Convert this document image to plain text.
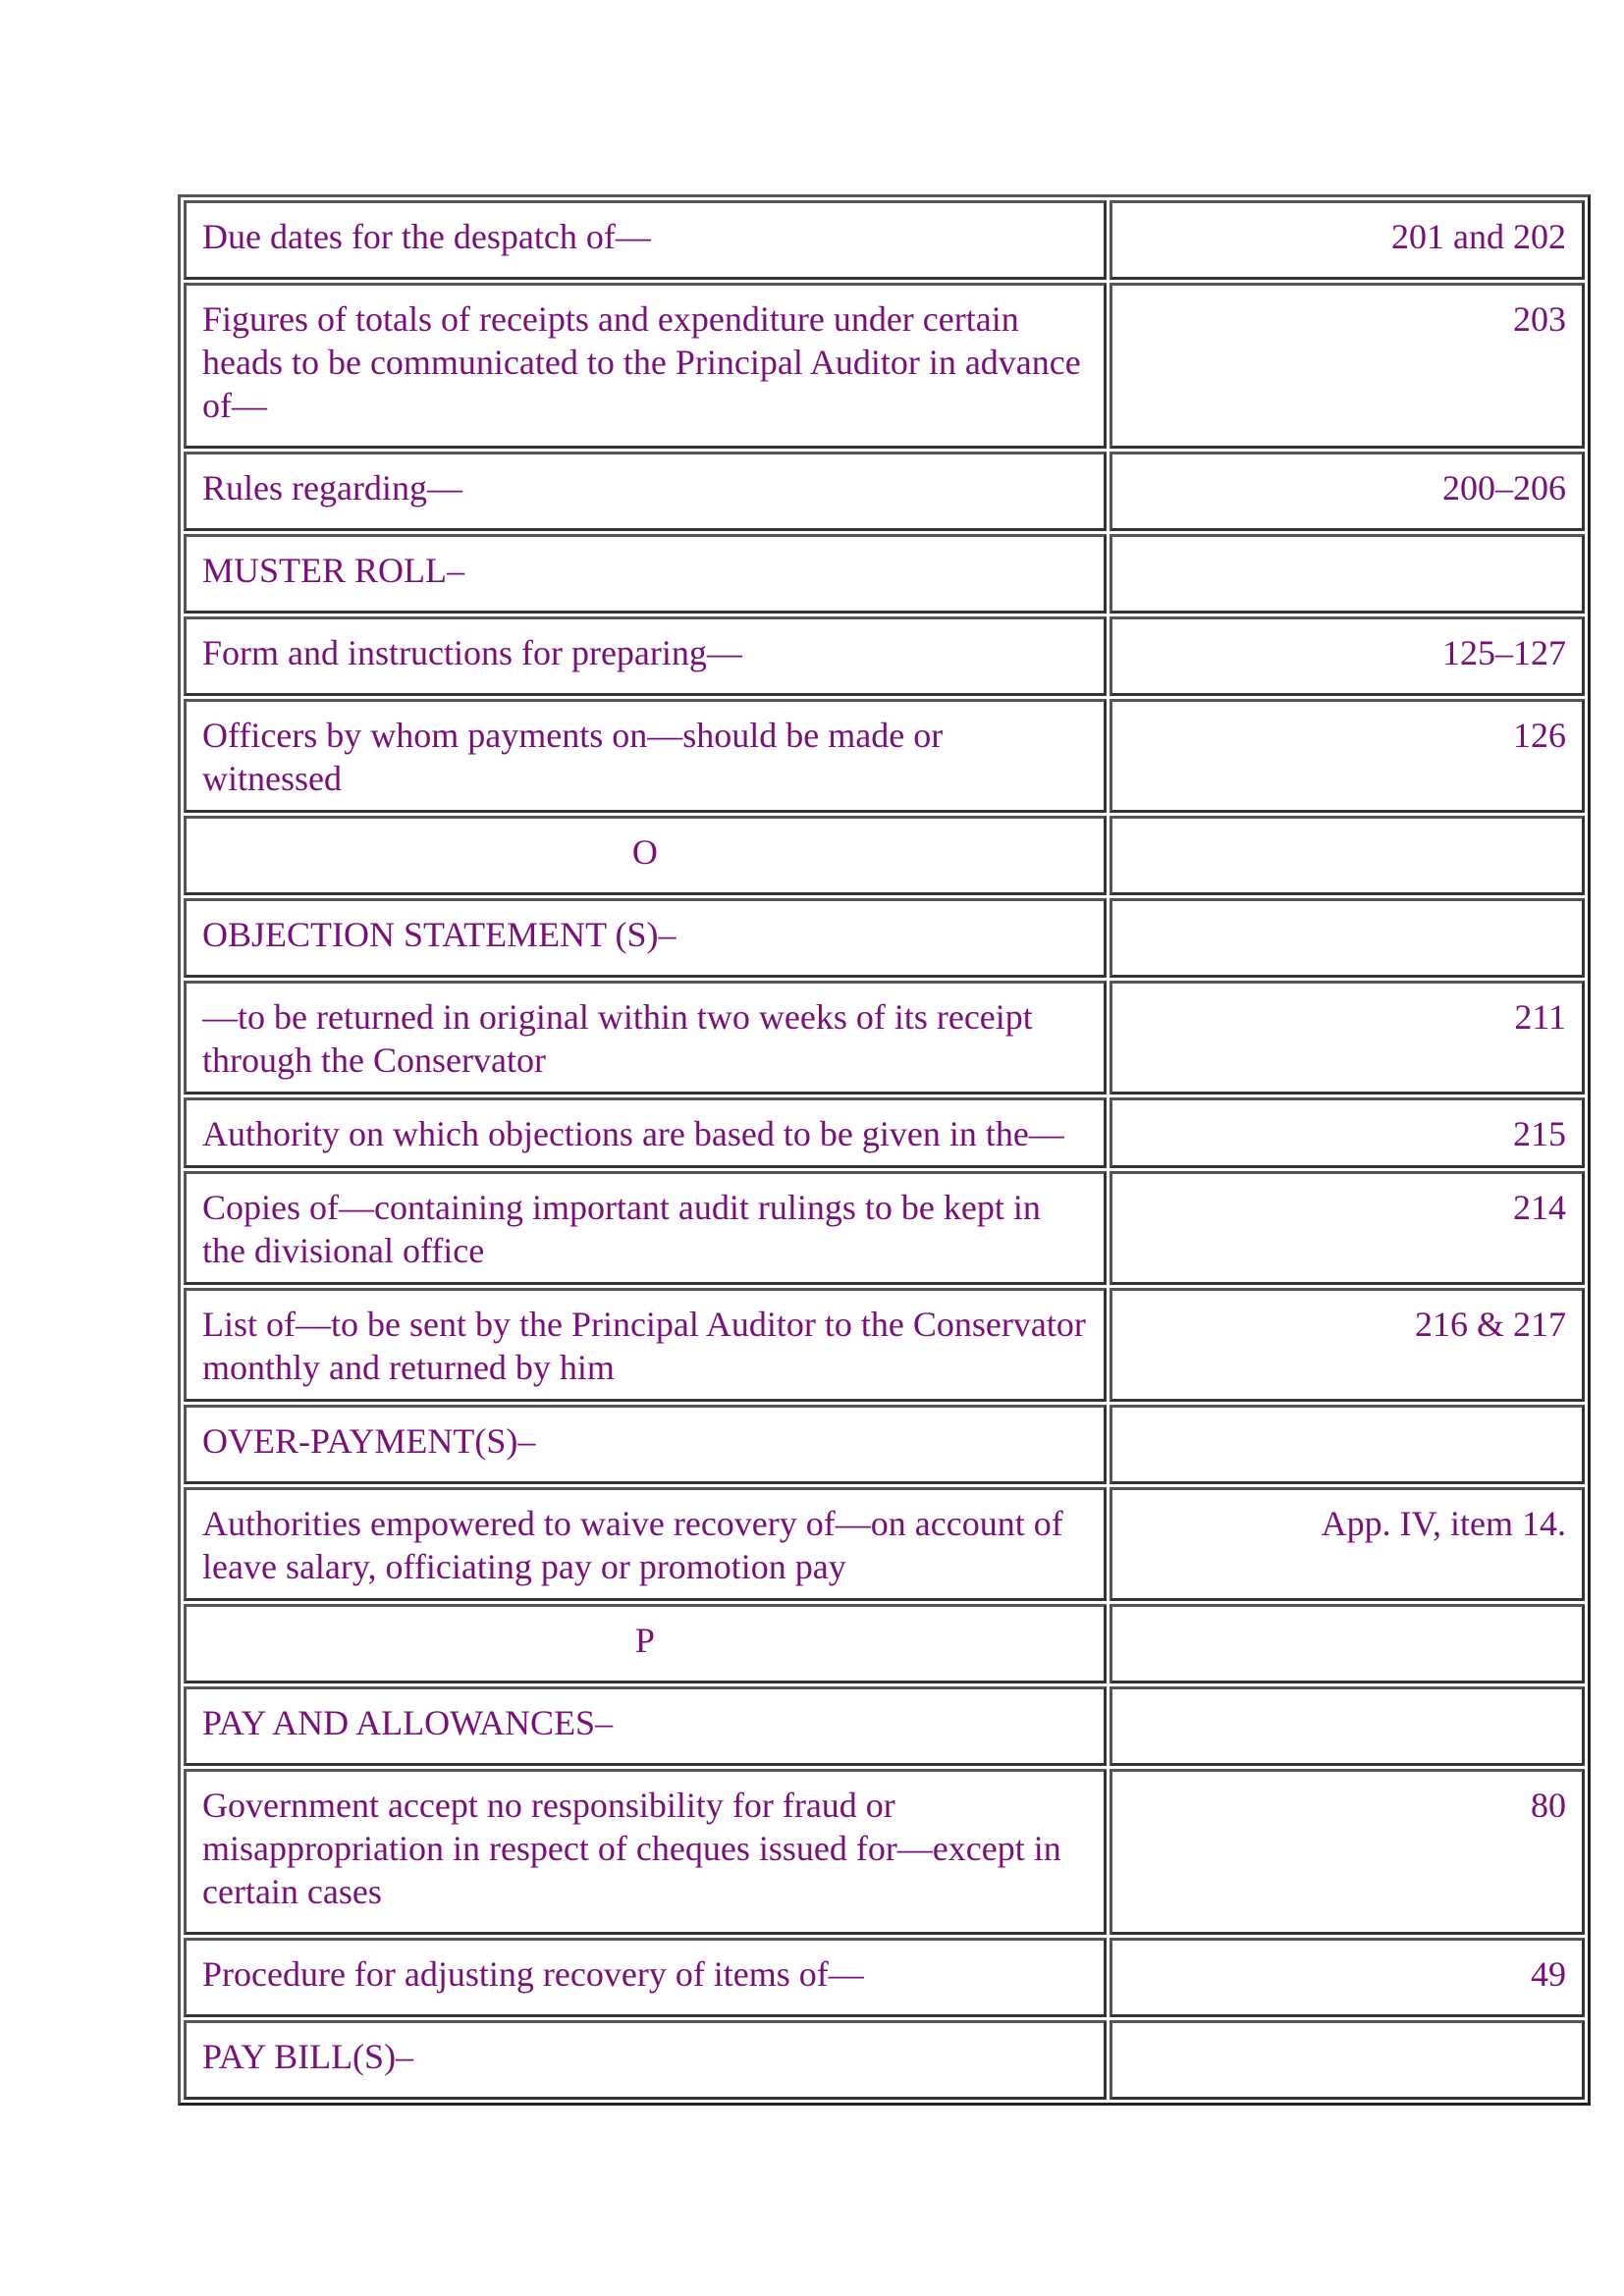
Due dates for the despatch of—	201 and 202
Figures of totals of receipts and expenditure under certain heads to be communicated to the Principal Auditor in advance of—	203
Rules regarding—	200–206
MUSTER ROLL–	
Form and instructions for preparing—	125–127
Officers by whom payments on—should be made or witnessed	126
O	
OBJECTION STATEMENT (S)–	
—to be returned in original within two weeks of its receipt through the Conservator	211
Authority on which objections are based to be given in the—	215
Copies of—containing important audit rulings to be kept in the divisional office	214
List of—to be sent by the Principal Auditor to the Conservator monthly and returned by him	216 & 217
OVER-PAYMENT(S)–	
Authorities empowered to waive recovery of—on account of leave salary, officiating pay or promotion pay	App. IV, item 14.
P	
PAY AND ALLOWANCES–	
Government accept no responsibility for fraud or misappropriation in respect of cheques issued for—except in certain cases	80
Procedure for adjusting recovery of items of—	49
PAY BILL(S)–	
